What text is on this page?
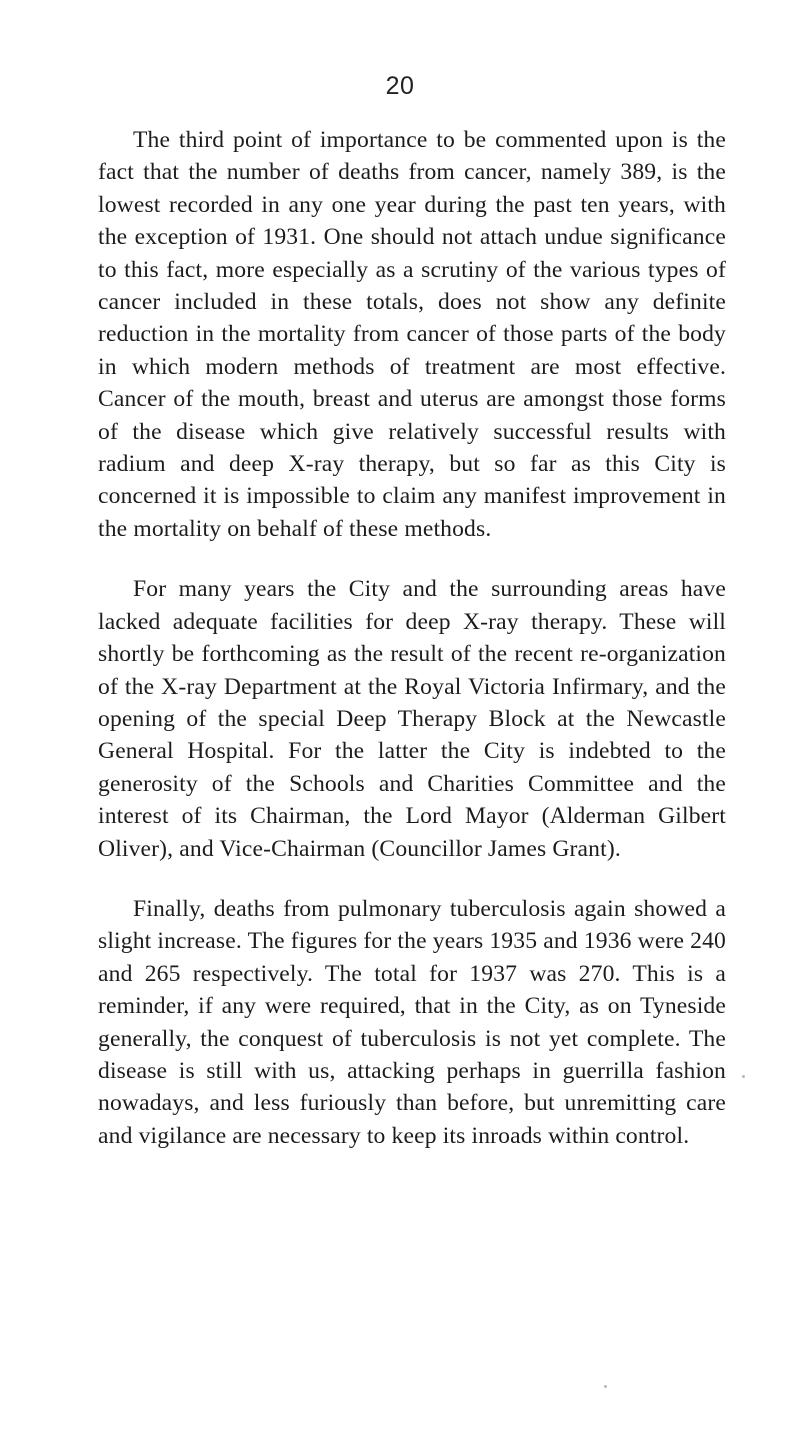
20

The third point of importance to be commented upon is the fact that the number of deaths from cancer, namely 389, is the lowest recorded in any one year during the past ten years, with the exception of 1931. One should not attach undue significance to this fact, more especially as a scrutiny of the various types of cancer included in these totals, does not show any definite reduction in the mortality from cancer of those parts of the body in which modern methods of treatment are most effective. Cancer of the mouth, breast and uterus are amongst those forms of the disease which give relatively successful results with radium and deep X-ray therapy, but so far as this City is concerned it is impossible to claim any manifest improvement in the mortality on behalf of these methods.

For many years the City and the surrounding areas have lacked adequate facilities for deep X-ray therapy. These will shortly be forthcoming as the result of the recent re-organization of the X-ray Department at the Royal Victoria Infirmary, and the opening of the special Deep Therapy Block at the Newcastle General Hospital. For the latter the City is indebted to the generosity of the Schools and Charities Committee and the interest of its Chairman, the Lord Mayor (Alderman Gilbert Oliver), and Vice-Chairman (Councillor James Grant).

Finally, deaths from pulmonary tuberculosis again showed a slight increase. The figures for the years 1935 and 1936 were 240 and 265 respectively. The total for 1937 was 270. This is a reminder, if any were required, that in the City, as on Tyneside generally, the conquest of tuberculosis is not yet complete. The disease is still with us, attacking perhaps in guerrilla fashion nowadays, and less furiously than before, but unremitting care and vigilance are necessary to keep its inroads within control.
